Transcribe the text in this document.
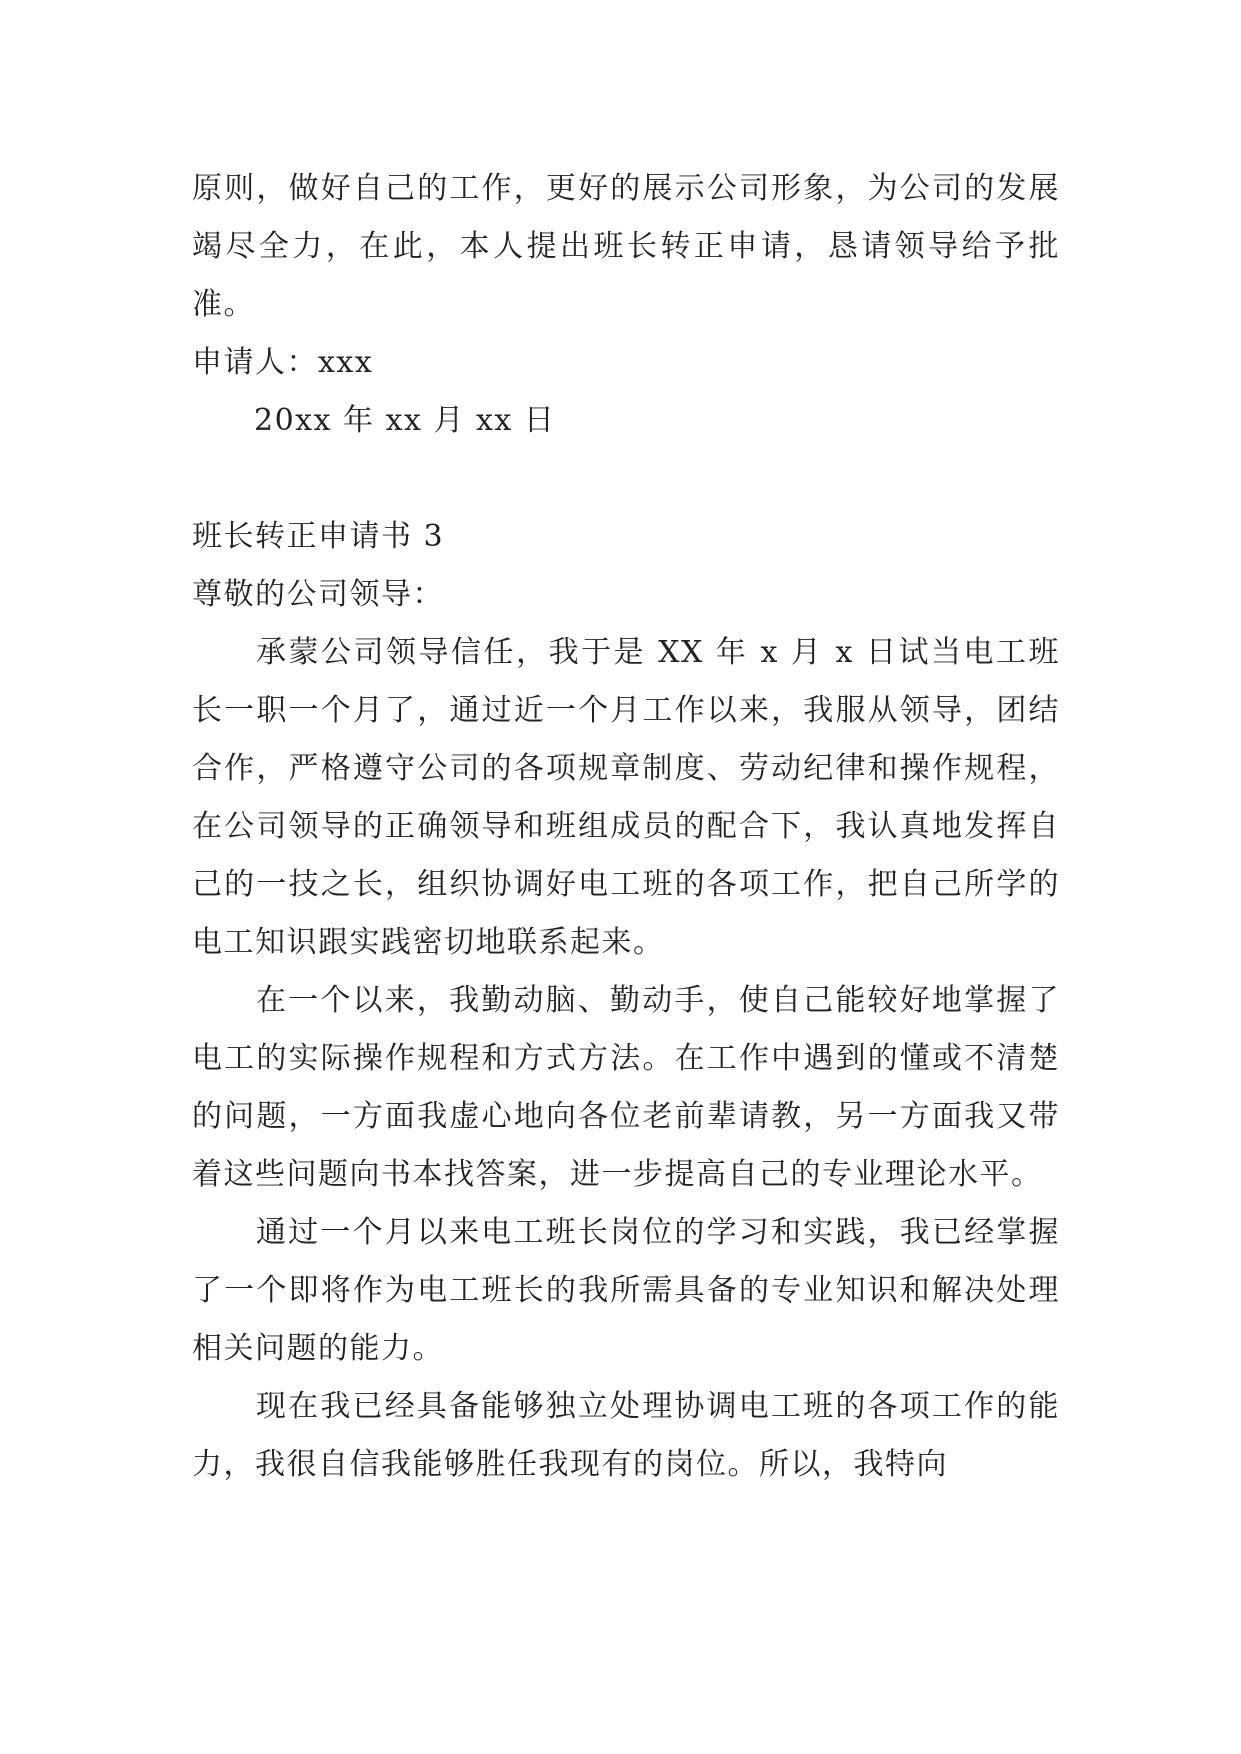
原则，做好自己的工作，更好的展示公司形象，为公司的发展竭尽全力，在此，本人提出班长转正申请，恳请领导给予批准。

申请人：xxx

20xx 年 xx 月 xx 日

班长转正申请书 3

尊敬的公司领导：

承蒙公司领导信任，我于是 XX 年 x 月 x 日试当电工班长一职一个月了，通过近一个月工作以来，我服从领导，团结合作，严格遵守公司的各项规章制度、劳动纪律和操作规程，在公司领导的正确领导和班组成员的配合下，我认真地发挥自己的一技之长，组织协调好电工班的各项工作，把自己所学的电工知识跟实践密切地联系起来。

在一个以来，我勤动脑、勤动手，使自己能较好地掌握了电工的实际操作规程和方式方法。在工作中遇到的懂或不清楚的问题，一方面我虚心地向各位老前辈请教，另一方面我又带着这些问题向书本找答案，进一步提高自己的专业理论水平。

通过一个月以来电工班长岗位的学习和实践，我已经掌握了一个即将作为电工班长的我所需具备的专业知识和解决处理相关问题的能力。

现在我已经具备能够独立处理协调电工班的各项工作的能力，我很自信我能够胜任我现有的岗位。所以，我特向
